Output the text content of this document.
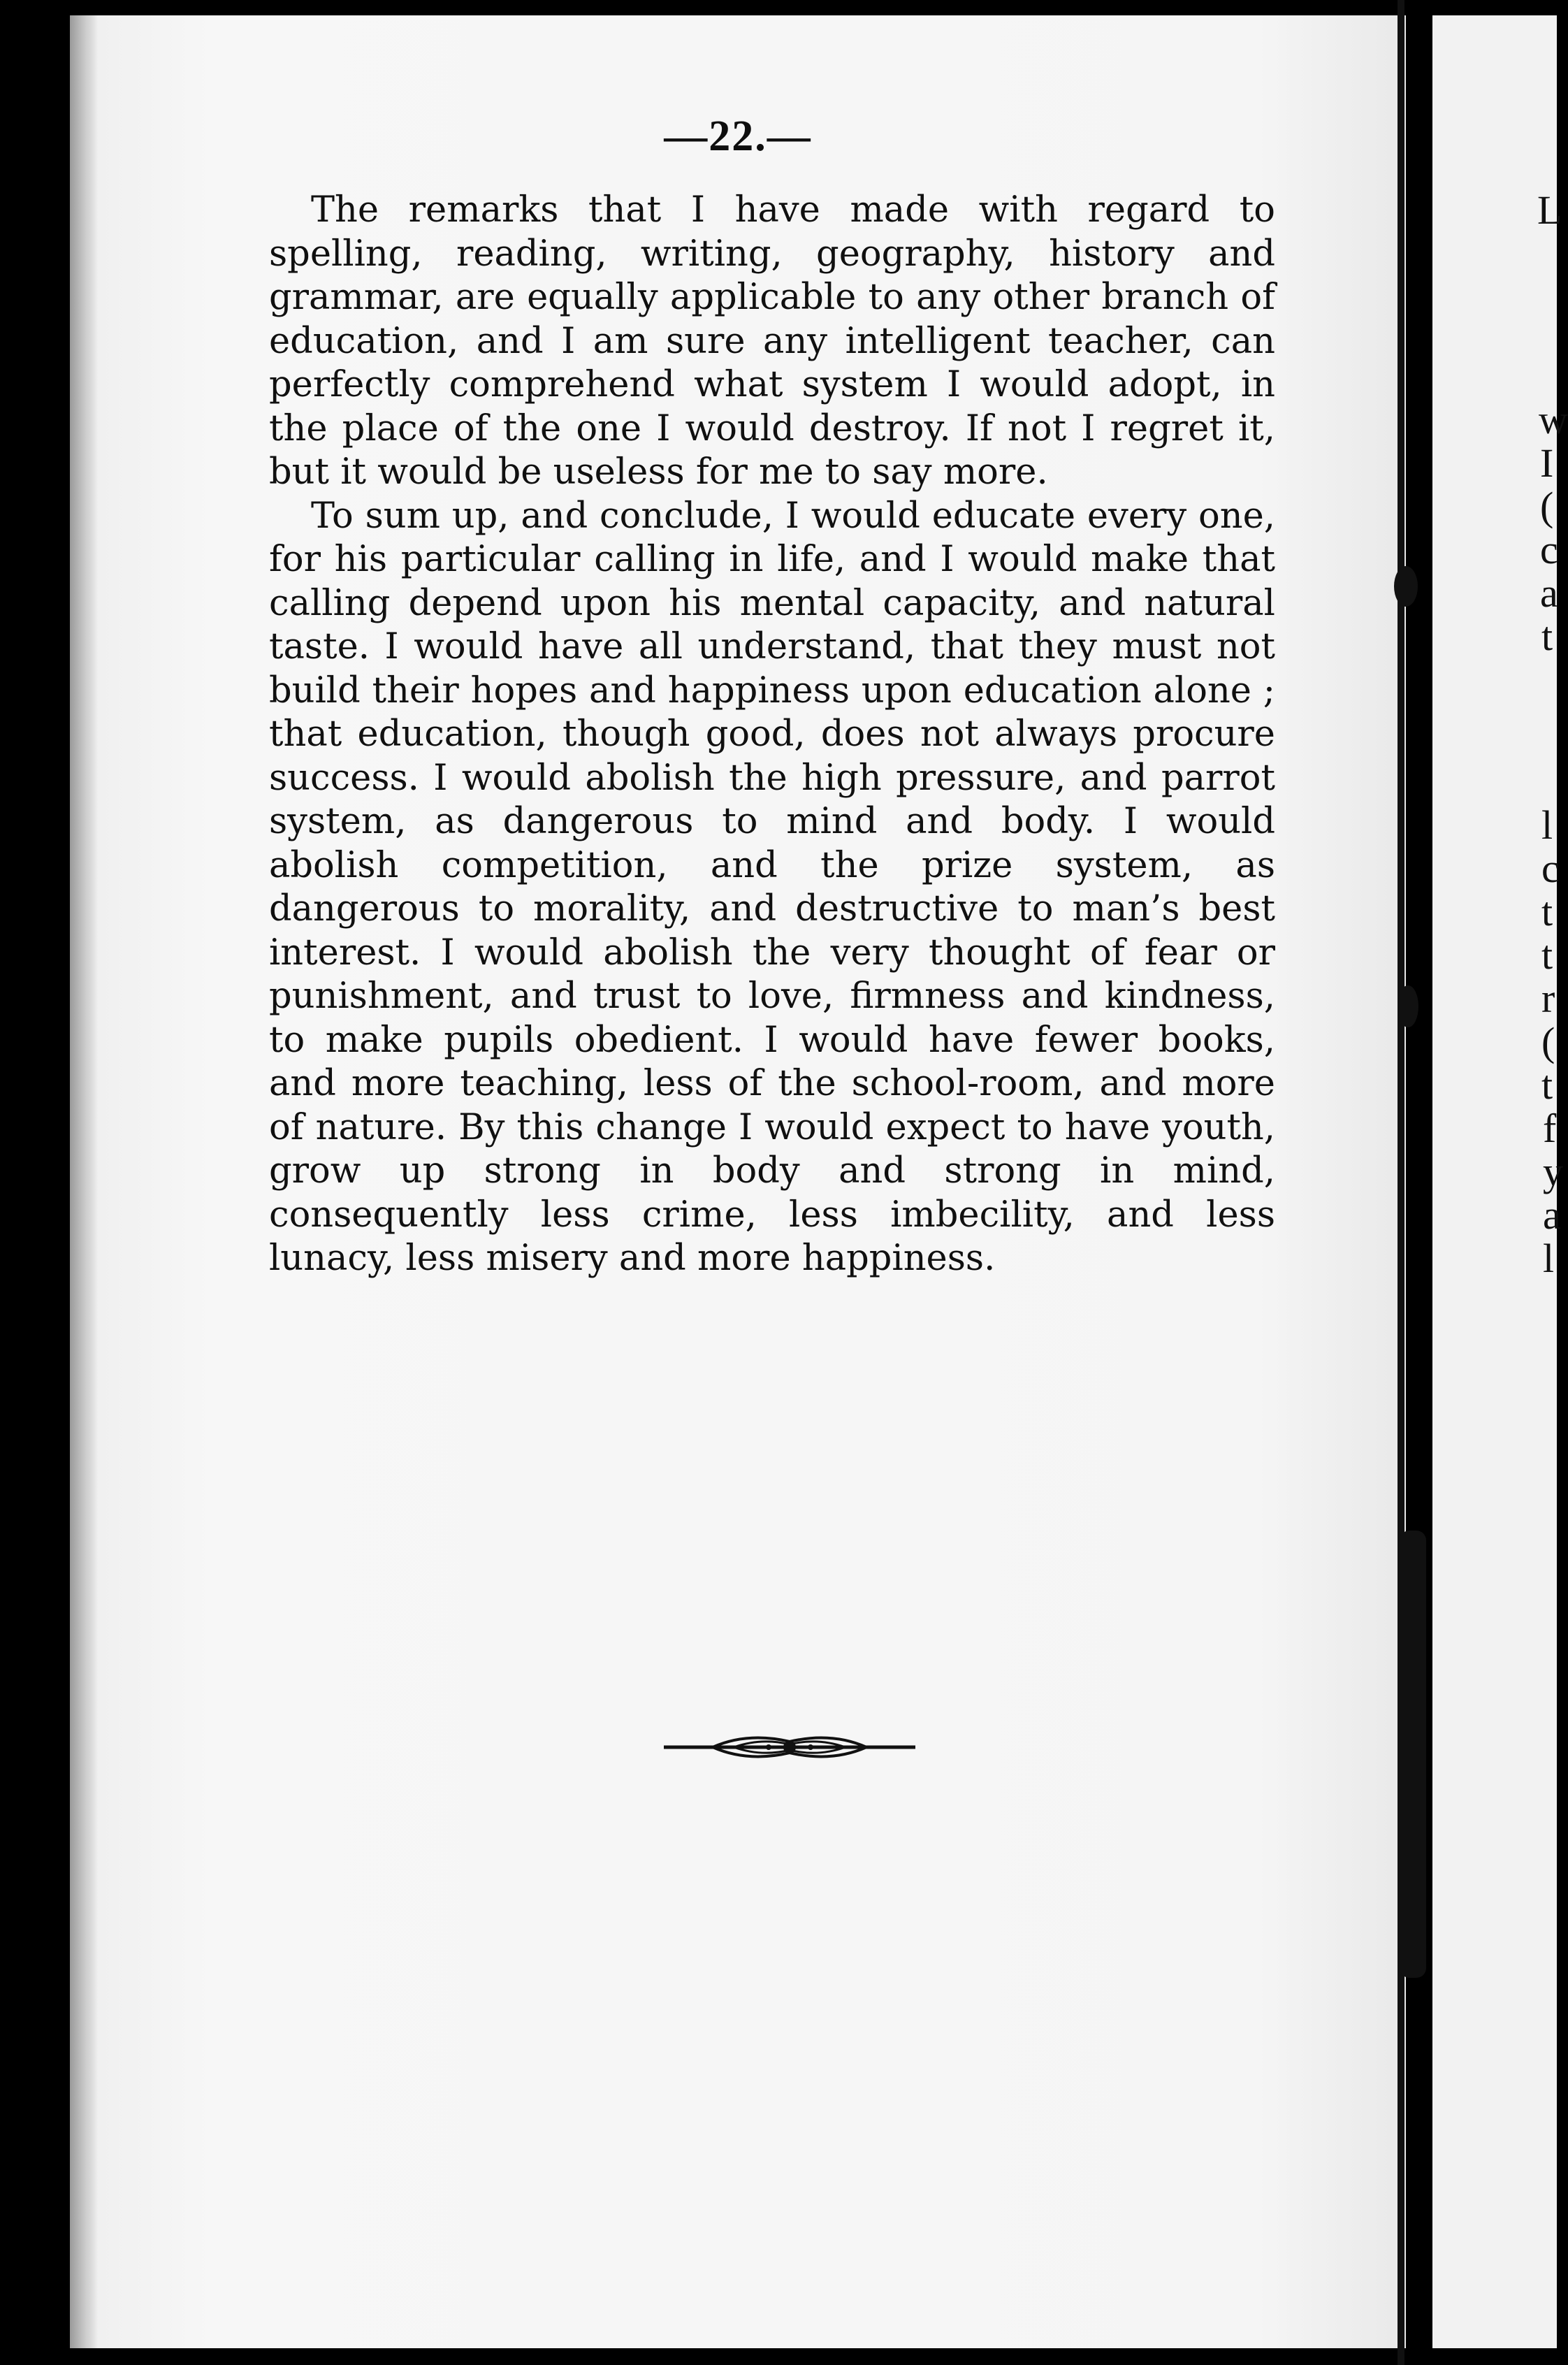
—22.—

The remarks that I have made with regard to spelling, reading, writing, geography, history and grammar, are equally applicable to any other branch of education, and I am sure any intelligent teacher, can perfectly comprehend what system I would adopt, in the place of the one I would destroy. If not I regret it, but it would be useless for me to say more.

To sum up, and conclude, I would educate every one, for his particular calling in life, and I would make that calling depend upon his mental capacity, and natural taste. I would have all understand, that they must not build their hopes and happiness upon education alone ; that education, though good, does not always procure success. I would abolish the high pressure, and parrot system, as dangerous to mind and body. I would abolish competition, and the prize system, as dangerous to morality, and destructive to man’s best interest. I would abolish the very thought of fear or punishment, and trust to love, firmness and kindness, to make pupils obedient. I would have fewer books, and more teaching, less of the school-room, and more of nature. By this change I would expect to have youth, grow up strong in body and strong in mind, consequently less crime, less imbecility, and less lunacy, less misery and more happiness.

L
w
I
(
c
a
t
l
c
t
t
r
(
t
f
y
a
l
